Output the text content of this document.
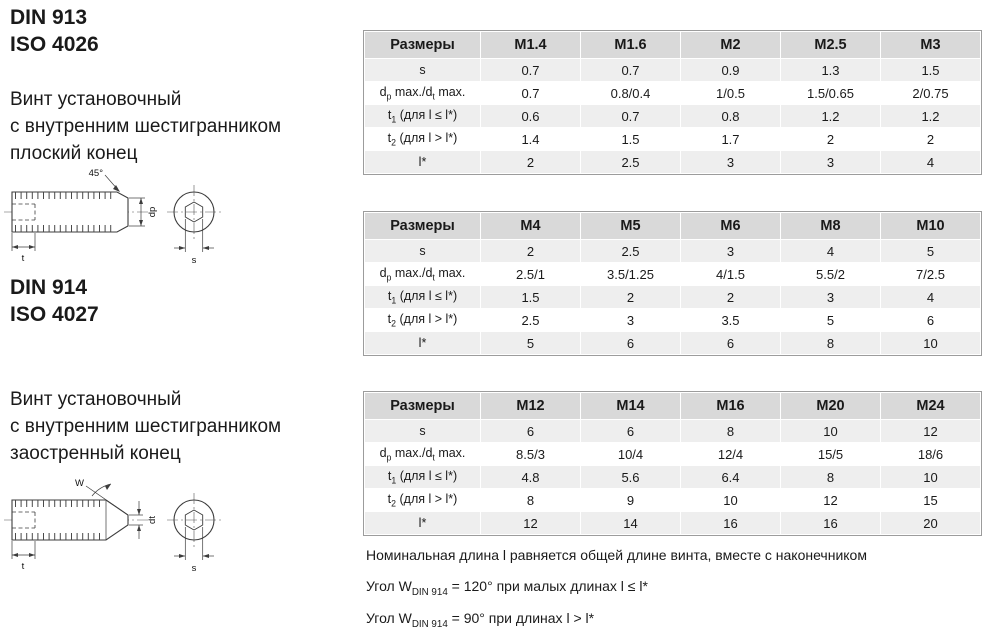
DIN 913
ISO 4026
Винт установочный
с внутренним шестигранником
плоский конец
45°
t
dp
s
DIN 914
ISO 4027
Винт установочный
с внутренним шестигранником
заостренный конец
W
dt
t	s
Размеры	M1.4	M1.6	M2	M2.5	M3
s	0.7	0.7	0.9	1.3	1.5
$d_p$ $\max./d_t$ max.	0.7	0.8/0.4	1/0.5	1.5/0.65	2/0.75
$t_1$ (для l ≤ l*)	0.6	0.7	0.8	1.2	1.2
$t_2$ (для l > l*)	1.4	1.5	1.7	2	2
l*	2	2.5	3	3	4
Размеры	M4	M5	M6	M8	M10
s	2	2.5	3	4	5
$d_p$ $\max./d_t$ max.	2.5/1	3.5/1.25	4/1.5	5.5/2	7/2.5
$t_1$ (для l ≤ l*)	1.5	2	2	3	4
$t_2$ (для l > l*)	2.5	3	3.5	5	6
l*	5	6	6	8	10
Размеры	M12	M14	M16	M20	M24
s	6	6	8	10	12
$d_p$ $\max./d_t$ max.	8.5/3	10/4	12/4	15/5	18/6
$t_1$ (для l ≤ l*)	4.8	5.6	6.4	8	10
$t_2$ (для l > l*)	8	9	10	12	15
l*	12	14	16	16	20

Номинальная длина l равняется общей длине винта, вместе с наконечником

Угол $W_{DIN 914} = 120^\circ$ при малых длинах l ≤ l*

Угол $W_{DIN 914} = 90^\circ$ при длинах l > l*
